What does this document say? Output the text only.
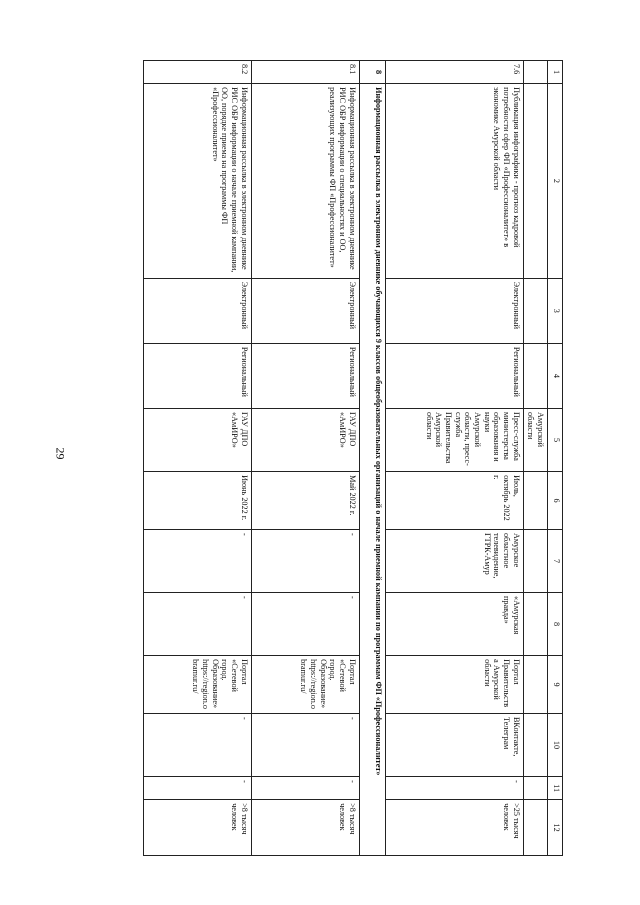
29
1	2	3	4	5	6	7	8	9	10	11	12
				Амурской области							
7.6	Публикация инфографики - прогноз кадровой потребности сфер ФП «Профессионалитет» в экономике Амурской области	Электронный	Региональный	Пресс-служба министерства образования и науки Амурской области, пресс-служба Правительства Амурской области	Июль, октябрь 2022 г.	Амурское областное телевидение, ГТРК-Амур	«Амурская правда»	Портал Правительства Амурской области	ВКонтакте, Телеграм	-	>25 тысяч человек
8	Информационная рассылка в электронном дневнике обучающихся 9 классов общеобразовательных организаций о начале приемной кампании по программам ФП «Профессионалитет»										
8.1	Информационная рассылка в электронном дневнике РИС ОБР информации о специальностях и ОО, реализующих программы ФП «Профессионалитет»	Электронный	Региональный	ГАУ ДПО «АмИРО»	Май 2022 г.	-	-	Портал «Сетевой город. Образование» https://region.obramur.ru/	-	-	>8 тысяч человек
8.2	Информационная рассылка в электронном дневнике РИС ОБР информации о начале приемной кампании, ОО, порядке приема на программы ФП «Профессионалитет»	Электронный	Региональный	ГАУ ДПО «АмИРО»	Июнь 2022 г.	-	-	Портал «Сетевой город. Образование» https://region.obramur.ru/	-	-	>8 тысяч человек
